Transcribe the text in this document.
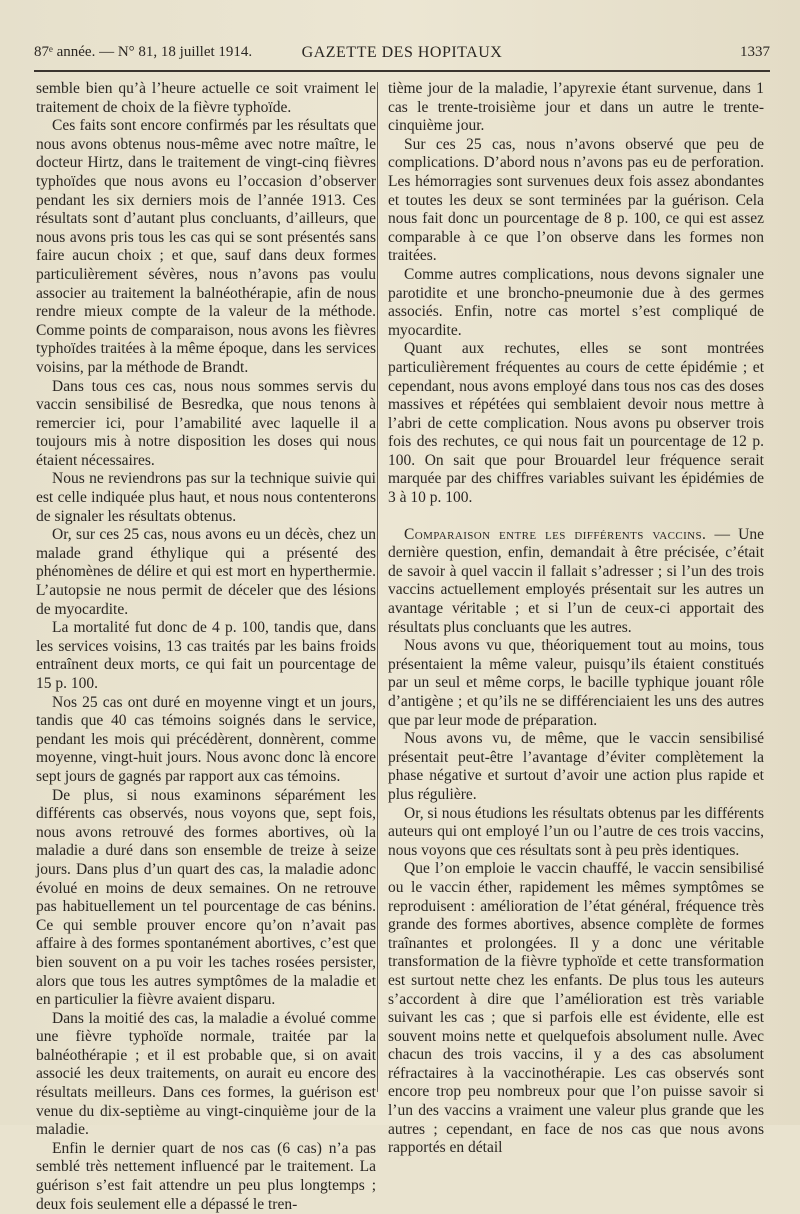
87ᵉ année. — N° 81, 18 juillet 1914.	GAZETTE DES HOPITAUX	1337

semble bien qu’à l’heure actuelle ce soit vraiment le traitement de choix de la fièvre typhoïde.

Ces faits sont encore confirmés par les résultats que nous avons obtenus nous-même avec notre maître, le docteur Hirtz, dans le traitement de vingt-cinq fièvres typhoïdes que nous avons eu l’occasion d’observer pendant les six derniers mois de l’année 1913. Ces résultats sont d’autant plus concluants, d’ailleurs, que nous avons pris tous les cas qui se sont présentés sans faire aucun choix ; et que, sauf dans deux formes particulièrement sévères, nous n’avons pas voulu associer au traitement la balnéothérapie, afin de nous rendre mieux compte de la valeur de la méthode. Comme points de comparaison, nous avons les fièvres typhoïdes traitées à la même époque, dans les services voisins, par la méthode de Brandt.

Dans tous ces cas, nous nous sommes servis du vaccin sensibilisé de Besredka, que nous tenons à remercier ici, pour l’amabilité avec laquelle il a toujours mis à notre disposition les doses qui nous étaient nécessaires.

Nous ne reviendrons pas sur la technique suivie qui est celle indiquée plus haut, et nous nous contenterons de signaler les résultats obtenus.

Or, sur ces 25 cas, nous avons eu un décès, chez un malade grand éthylique qui a présenté des phénomènes de délire et qui est mort en hyperthermie. L’autopsie ne nous permit de déceler que des lésions de myocardite.

La mortalité fut donc de 4 p. 100, tandis que, dans les services voisins, 13 cas traités par les bains froids entraînent deux morts, ce qui fait un pourcentage de 15 p. 100.

Nos 25 cas ont duré en moyenne vingt et un jours, tandis que 40 cas témoins soignés dans le service, pendant les mois qui précédèrent, donnèrent, comme moyenne, vingt-huit jours. Nous avonc donc là encore sept jours de gagnés par rapport aux cas témoins.

De plus, si nous examinons séparément les différents cas observés, nous voyons que, sept fois, nous avons retrouvé des formes abortives, où la maladie a duré dans son ensemble de treize à seize jours. Dans plus d’un quart des cas, la maladie adonc évolué en moins de deux semaines. On ne retrouve pas habituellement un tel pourcentage de cas bénins. Ce qui semble prouver encore qu’on n’avait pas affaire à des formes spontanément abortives, c’est que bien souvent on a pu voir les taches rosées persister, alors que tous les autres symptômes de la maladie et en particulier la fièvre avaient disparu.

Dans la moitié des cas, la maladie a évolué comme une fièvre typhoïde normale, traitée par la balnéothérapie ; et il est probable que, si on avait associé les deux traitements, on aurait eu encore des résultats meilleurs. Dans ces formes, la guérison est venue du dix-septième au vingt-cinquième jour de la maladie.

Enfin le dernier quart de nos cas (6 cas) n’a pas semblé très nettement influencé par le traitement. La guérison s’est fait attendre un peu plus longtemps ; deux fois seulement elle a dépassé le tren-

tième jour de la maladie, l’apyrexie étant survenue, dans 1 cas le trente-troisième jour et dans un autre le trente-cinquième jour.

Sur ces 25 cas, nous n’avons observé que peu de complications. D’abord nous n’avons pas eu de perforation. Les hémorragies sont survenues deux fois assez abondantes et toutes les deux se sont terminées par la guérison. Cela nous fait donc un pourcentage de 8 p. 100, ce qui est assez comparable à ce que l’on observe dans les formes non traitées.

Comme autres complications, nous devons signaler une parotidite et une broncho-pneumonie due à des germes associés. Enfin, notre cas mortel s’est compliqué de myocardite.

Quant aux rechutes, elles se sont montrées particulièrement fréquentes au cours de cette épidémie ; et cependant, nous avons employé dans tous nos cas des doses massives et répétées qui semblaient devoir nous mettre à l’abri de cette complication. Nous avons pu observer trois fois des rechutes, ce qui nous fait un pourcentage de 12 p. 100. On sait que pour Brouardel leur fréquence serait marquée par des chiffres variables suivant les épidémies de 3 à 10 p. 100.

Comparaison entre les différents vaccins. — Une dernière question, enfin, demandait à être précisée, c’était de savoir à quel vaccin il fallait s’adresser ; si l’un des trois vaccins actuellement employés présentait sur les autres un avantage véritable ; et si l’un de ceux-ci apportait des résultats plus concluants que les autres.

Nous avons vu que, théoriquement tout au moins, tous présentaient la même valeur, puisqu’ils étaient constitués par un seul et même corps, le bacille typhique jouant rôle d’antigène ; et qu’ils ne se différenciaient les uns des autres que par leur mode de préparation.

Nous avons vu, de même, que le vaccin sensibilisé présentait peut-être l’avantage d’éviter complètement la phase négative et surtout d’avoir une action plus rapide et plus régulière.

Or, si nous étudions les résultats obtenus par les différents auteurs qui ont employé l’un ou l’autre de ces trois vaccins, nous voyons que ces résultats sont à peu près identiques.

Que l’on emploie le vaccin chauffé, le vaccin sensibilisé ou le vaccin éther, rapidement les mêmes symptômes se reproduisent : amélioration de l’état général, fréquence très grande des formes abortives, absence complète de formes traînantes et prolongées. Il y a donc une véritable transformation de la fièvre typhoïde et cette transformation est surtout nette chez les enfants. De plus tous les auteurs s’accordent à dire que l’amélioration est très variable suivant les cas ; que si parfois elle est évidente, elle est souvent moins nette et quelquefois absolument nulle. Avec chacun des trois vaccins, il y a des cas absolument réfractaires à la vaccinothérapie. Les cas observés sont encore trop peu nombreux pour que l’on puisse savoir si l’un des vaccins a vraiment une valeur plus grande que les autres ; cependant, en face de nos cas que nous avons rapportés en détail
